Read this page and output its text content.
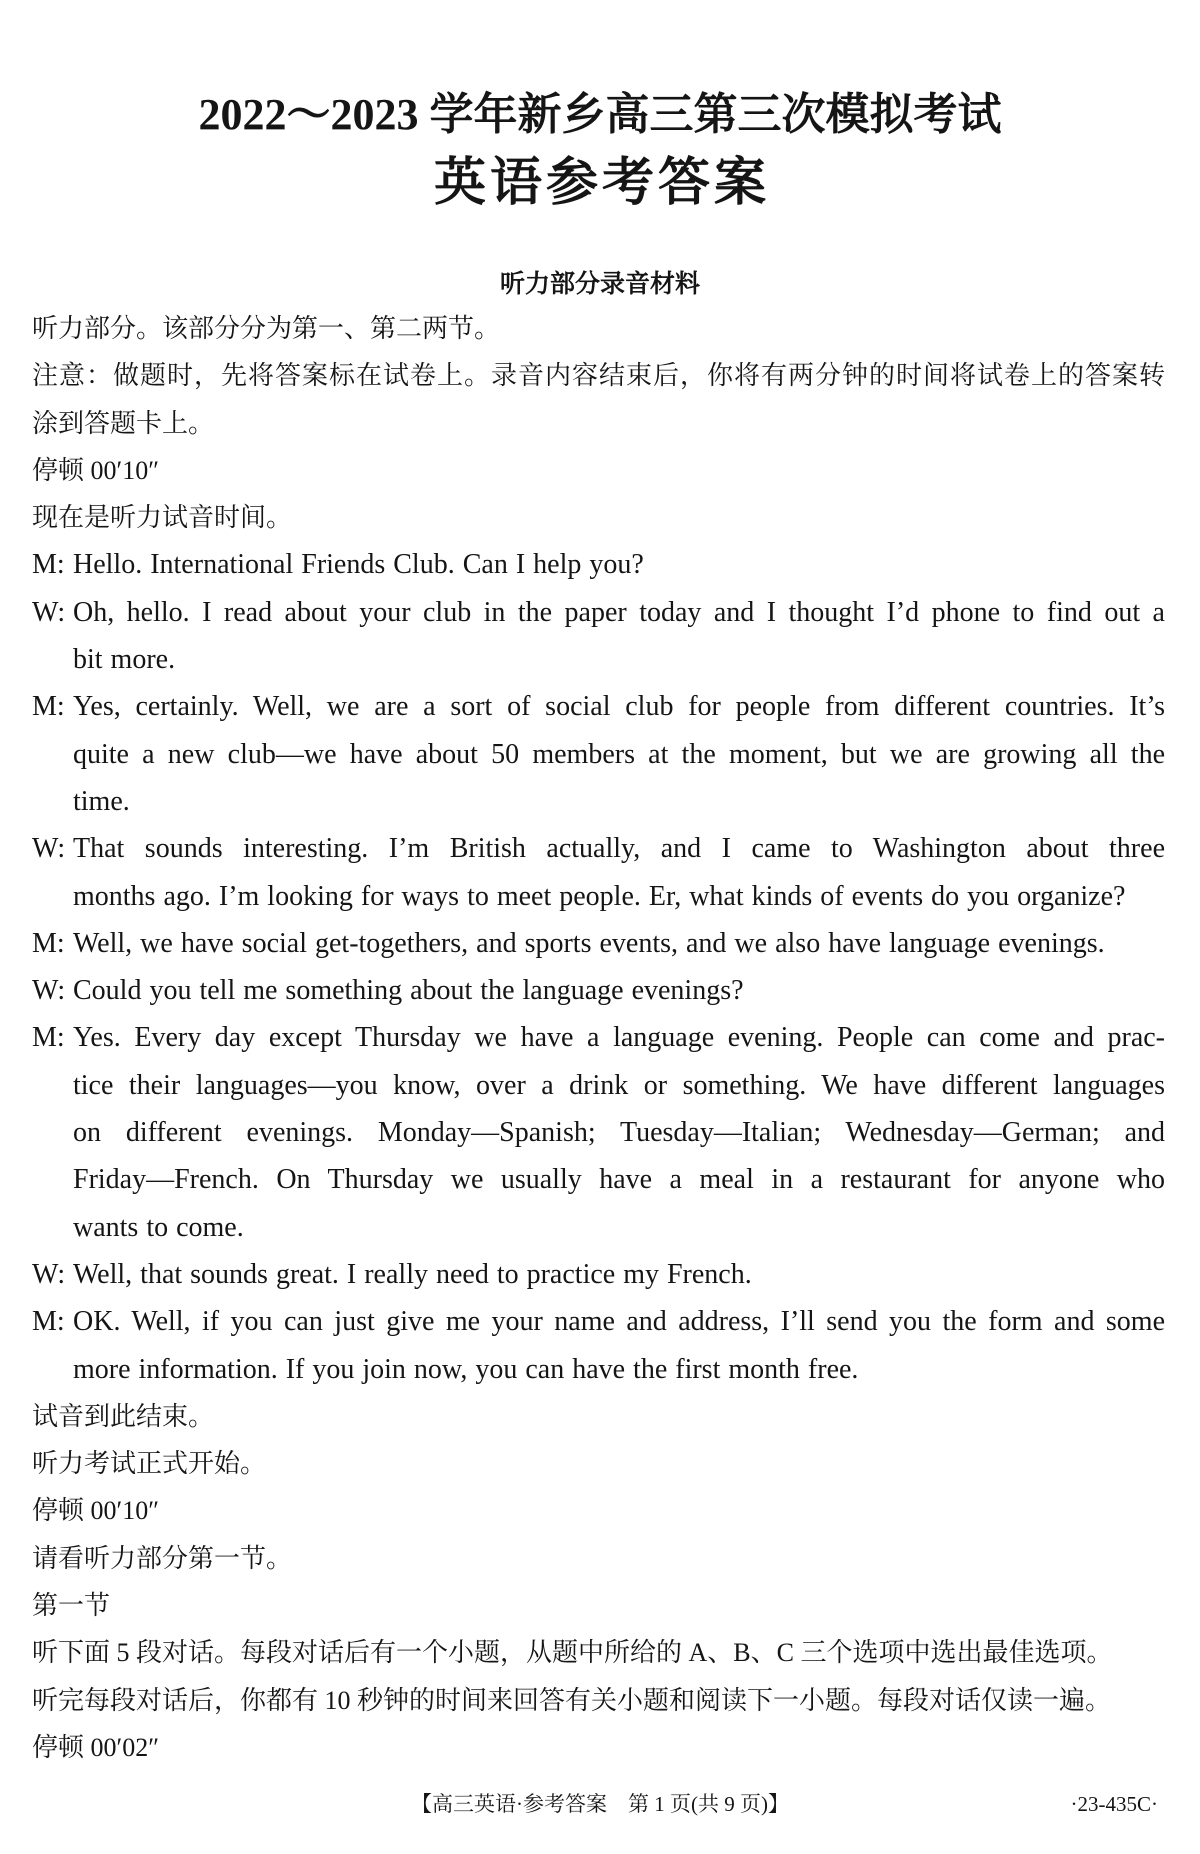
2022～2023 学年新乡高三第三次模拟考试
英语参考答案
听力部分录音材料
听力部分。该部分分为第一、第二两节。
注意：做题时，先将答案标在试卷上。录音内容结束后，你将有两分钟的时间将试卷上的答案转
涂到答题卡上。
停顿 00′10″
现在是听力试音时间。
M: Hello. International Friends Club. Can I help you?
W: Oh, hello. I read about your club in the paper today and I thought I’d phone to find out a
bit more.
M: Yes, certainly. Well, we are a sort of social club for people from different countries. It’s
quite a new club—we have about 50 members at the moment, but we are growing all the
time.
W: That sounds interesting. I’m British actually, and I came to Washington about three
months ago. I’m looking for ways to meet people. Er, what kinds of events do you organize?
M: Well, we have social get-togethers, and sports events, and we also have language evenings.
W: Could you tell me something about the language evenings?
M: Yes. Every day except Thursday we have a language evening. People can come and prac-
tice their languages—you know, over a drink or something. We have different languages
on different evenings. Monday—Spanish; Tuesday—Italian; Wednesday—German; and
Friday—French. On Thursday we usually have a meal in a restaurant for anyone who
wants to come.
W: Well, that sounds great. I really need to practice my French.
M: OK. Well, if you can just give me your name and address, I’ll send you the form and some
more information. If you join now, you can have the first month free.
试音到此结束。
听力考试正式开始。
停顿 00′10″
请看听力部分第一节。
第一节
听下面 5 段对话。每段对话后有一个小题，从题中所给的 A、B、C 三个选项中选出最佳选项。
听完每段对话后，你都有 10 秒钟的时间来回答有关小题和阅读下一小题。每段对话仅读一遍。
停顿 00′02″
【高三英语·参考答案　第 1 页(共 9 页)】	·23-435C·
